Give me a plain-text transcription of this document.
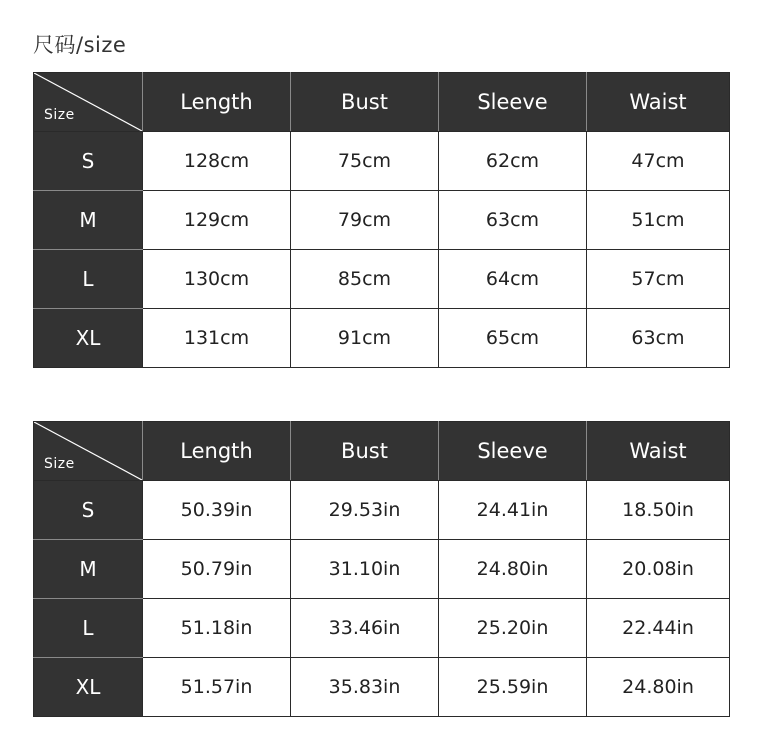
尺码/size
Size	Length	Bust	Sleeve	Waist
S	128cm	75cm	62cm	47cm
M	129cm	79cm	63cm	51cm
L	130cm	85cm	64cm	57cm
XL	131cm	91cm	65cm	63cm
Size	Length	Bust	Sleeve	Waist
S	50.39in	29.53in	24.41in	18.50in
M	50.79in	31.10in	24.80in	20.08in
L	51.18in	33.46in	25.20in	22.44in
XL	51.57in	35.83in	25.59in	24.80in
